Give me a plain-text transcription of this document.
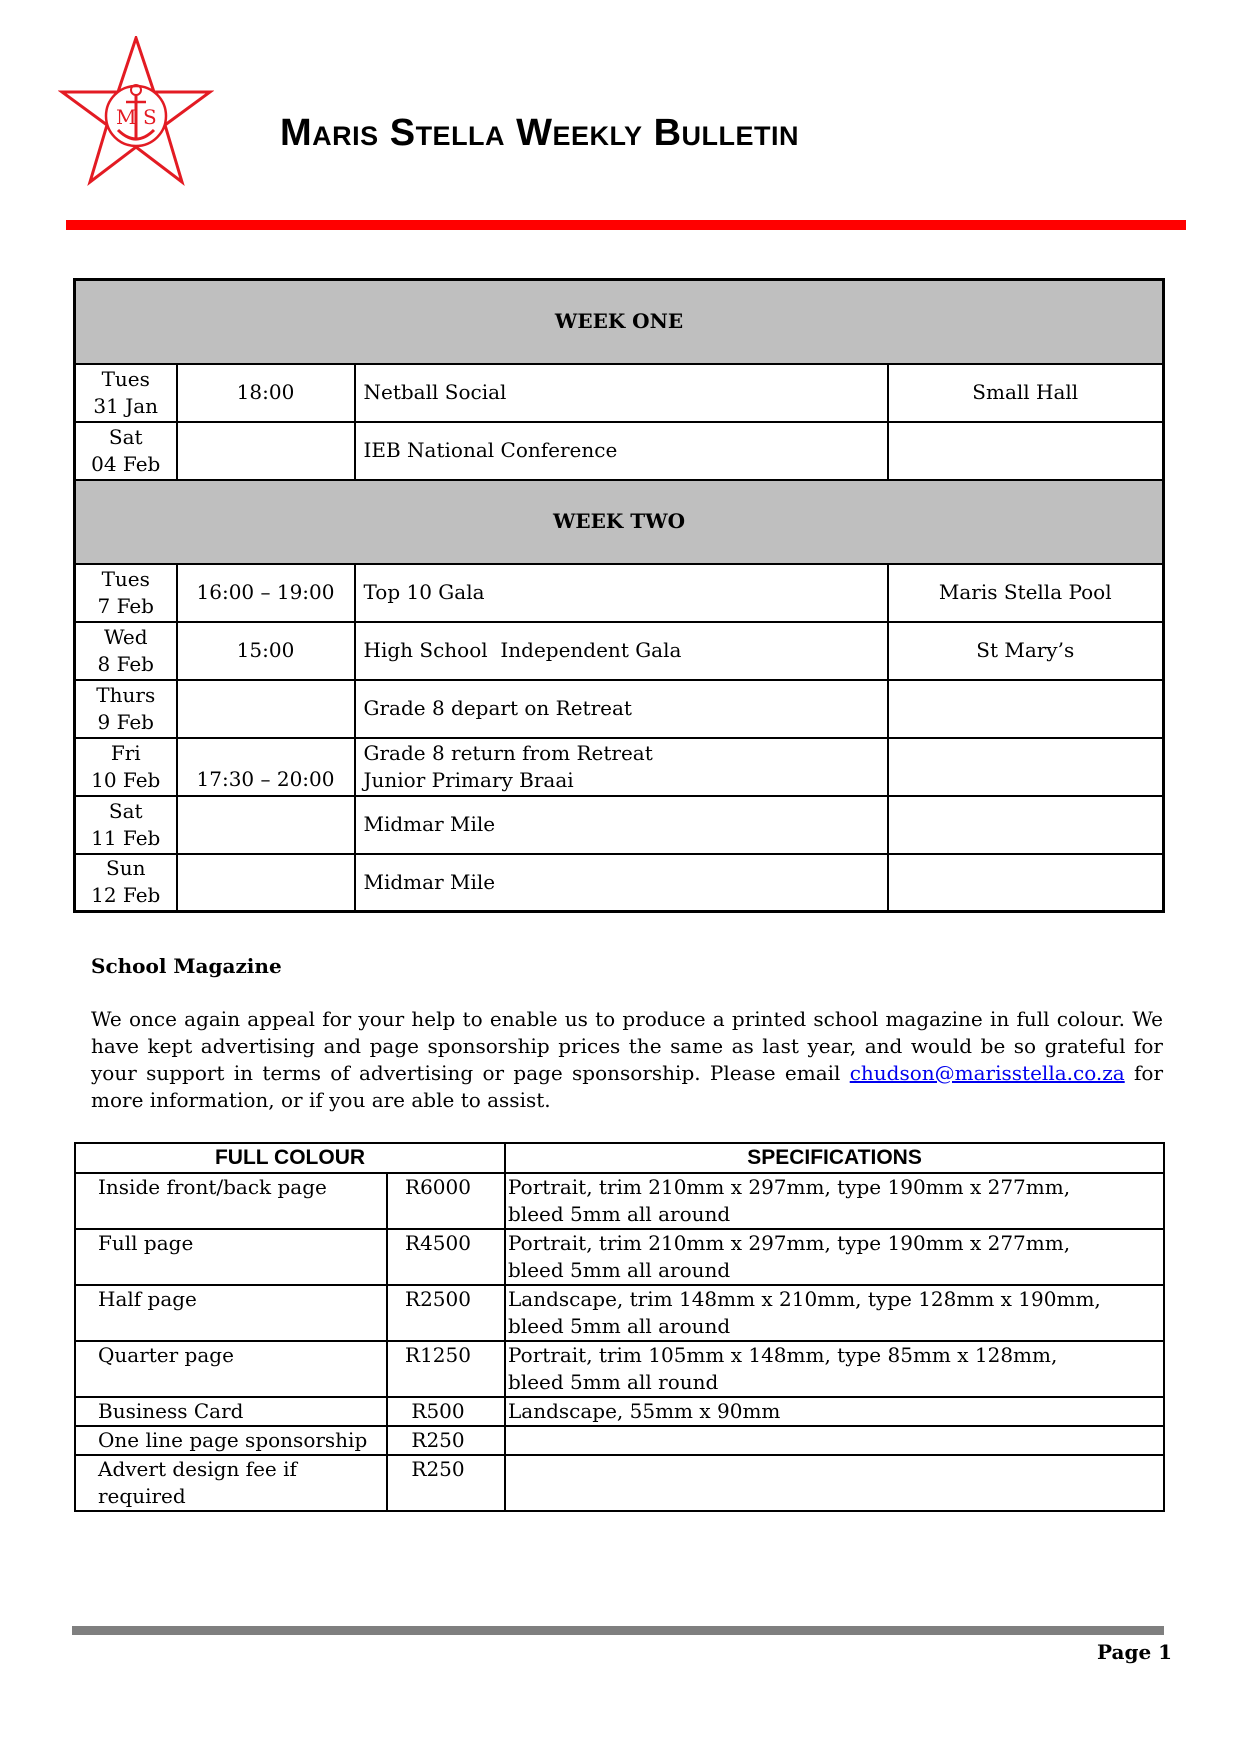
M S	Maris Stella Weekly Bulletin
WEEK ONE			
Tues
31 Jan	18:00	Netball Social	Small Hall
Sat
04 Feb		IEB National Conference	
WEEK TWO			
Tues
7 Feb	16:00 – 19:00	Top 10 Gala	Maris Stella Pool
Wed
8 Feb	15:00	High School  Independent Gala	St Mary’s
Thurs
9 Feb		Grade 8 depart on Retreat	
Fri
10 Feb	17:30 – 20:00	Grade 8 return from Retreat
Junior Primary Braai	
Sat
11 Feb		Midmar Mile	
Sun
12 Feb		Midmar Mile	
School Magazine
We once again appeal for your help to enable us to produce a printed school magazine in full colour. We have kept advertising and page sponsorship prices the same as last year, and would be so grateful for your support in terms of advertising or page sponsorship. Please email chudson@marisstella.co.za for more information, or if you are able to assist.
FULL COLOUR		SPECIFICATIONS
Inside front/back page	R6000	Portrait, trim 210mm x 297mm, type 190mm x 277mm,
bleed 5mm all around
Full page	R4500	Portrait, trim 210mm x 297mm, type 190mm x 277mm,
bleed 5mm all around
Half page	R2500	Landscape, trim 148mm x 210mm, type 128mm x 190mm,
bleed 5mm all around
Quarter page	R1250	Portrait, trim 105mm x 148mm, type 85mm x 128mm,
bleed 5mm all round
Business Card	R500	Landscape, 55mm x 90mm
One line page sponsorship	R250	
Advert design fee if required	R250	
Page 1
